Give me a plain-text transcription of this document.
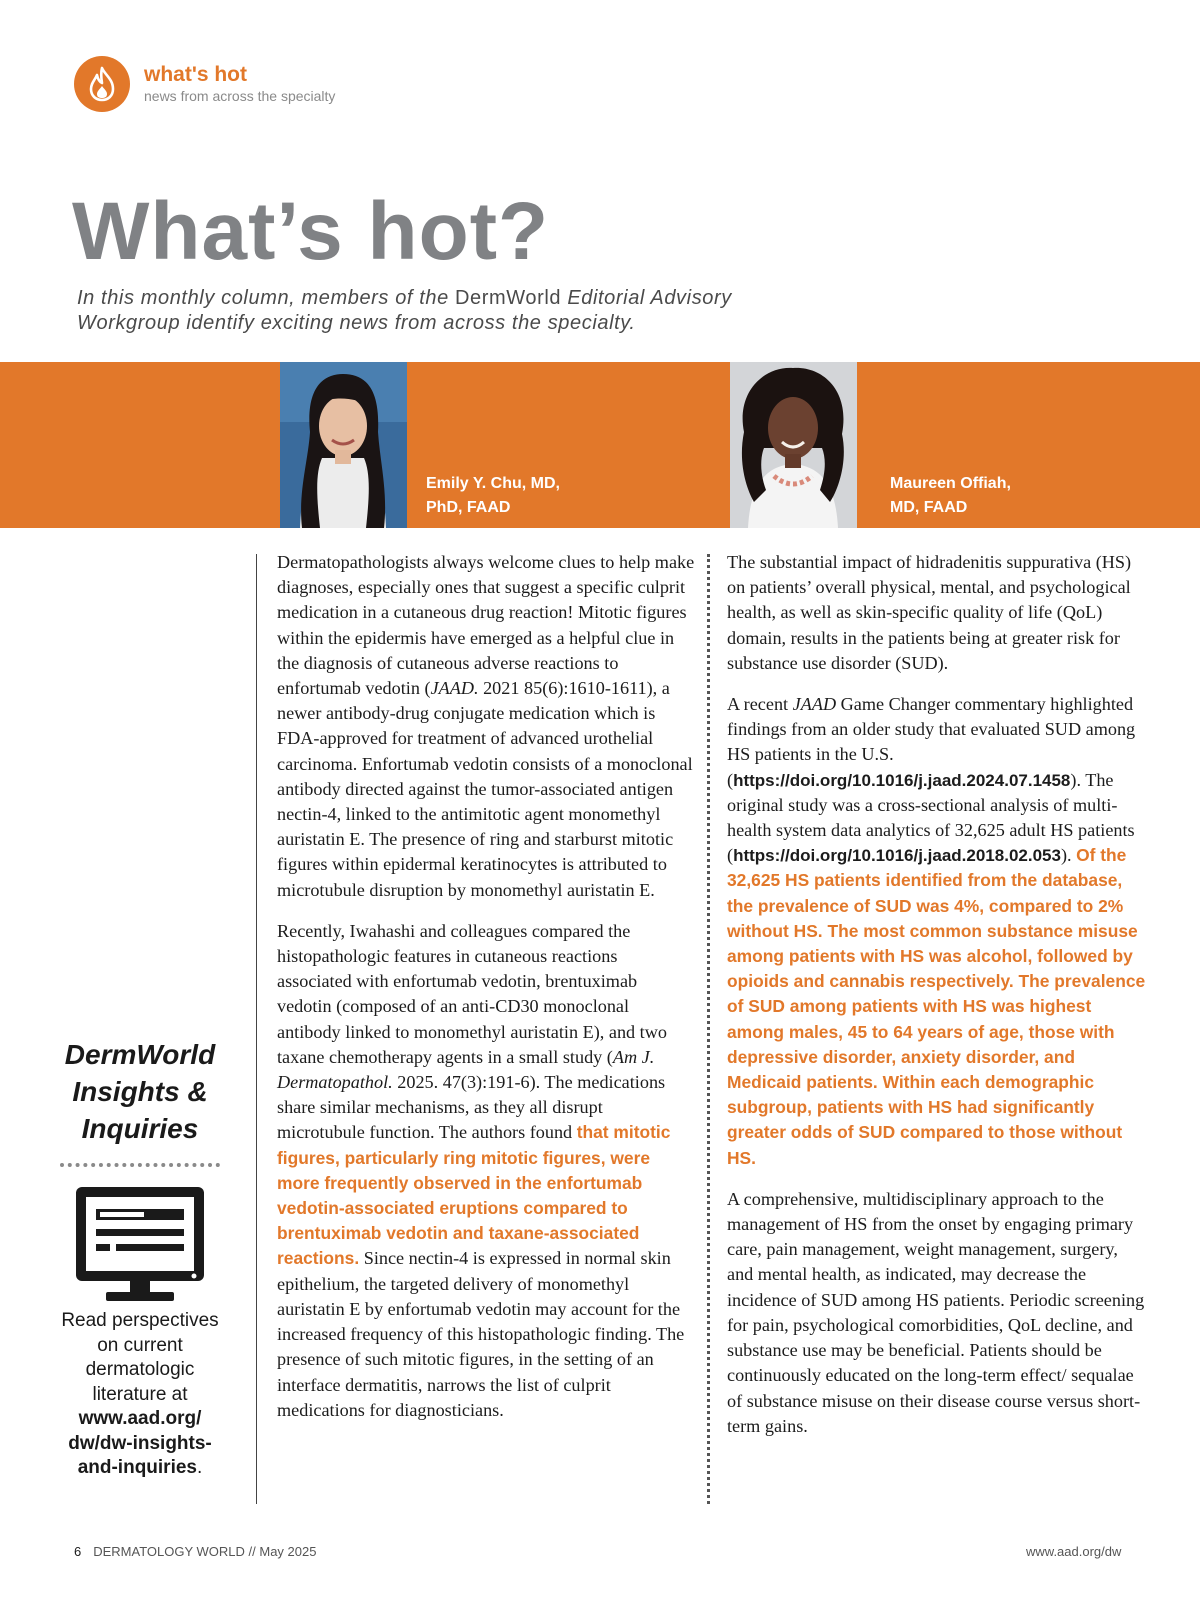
what's hot
news from across the specialty
What’s hot?
In this monthly column, members of the DermWorld Editorial Advisory Workgroup identify exciting news from across the specialty.
Emily Y. Chu, MD,
PhD, FAAD
Maureen Offiah,
MD, FAAD
DermWorld
Insights &
Inquiries
Read perspectives on current dermatologic literature at www.aad.org/ dw/dw-insights-and-inquiries.

Dermatopathologists always welcome clues to help make diagnoses, especially ones that suggest a specific culprit medication in a cutaneous drug reaction! Mitotic figures within the epidermis have emerged as a helpful clue in the diagnosis of cutaneous adverse reactions to enfortumab vedotin (JAAD. 2021 85(6):1610-1611), a newer antibody-drug conjugate medication which is FDA-approved for treatment of advanced urothelial carcinoma. Enfortumab vedotin consists of a monoclonal antibody directed against the tumor-associated antigen nectin-4, linked to the antimitotic agent monomethyl auristatin E. The presence of ring and starburst mitotic figures within epidermal keratinocytes is attributed to microtubule disruption by monomethyl auristatin E.

Recently, Iwahashi and colleagues compared the histopathologic features in cutaneous reactions associated with enfortumab vedotin, brentuximab vedotin (composed of an anti-CD30 monoclonal antibody linked to monomethyl auristatin E), and two taxane chemotherapy agents in a small study (Am J. Dermatopathol. 2025. 47(3):191-6). The medications share similar mechanisms, as they all disrupt microtubule function. The authors found that mitotic figures, particularly ring mitotic figures, were more frequently observed in the enfortumab vedotin-associated eruptions compared to brentuximab vedotin and taxane-associated reactions. Since nectin-4 is expressed in normal skin epithelium, the targeted delivery of monomethyl auristatin E by enfortumab vedotin may account for the increased frequency of this histopathologic finding. The presence of such mitotic figures, in the setting of an interface dermatitis, narrows the list of culprit medications for diagnosticians.

The substantial impact of hidradenitis suppurativa (HS) on patients’ overall physical, mental, and psychological health, as well as skin-specific quality of life (QoL) domain, results in the patients being at greater risk for substance use disorder (SUD).

A recent JAAD Game Changer commentary highlighted findings from an older study that evaluated SUD among HS patients in the U.S. (https://doi.org/10.1016/j.jaad.2024.07.1458). The original study was a cross-sectional analysis of multi-health system data analytics of 32,625 adult HS patients (https://doi.org/10.1016/j.jaad.2018.02.053). Of the 32,625 HS patients identified from the database, the prevalence of SUD was 4%, compared to 2% without HS. The most common substance misuse among patients with HS was alcohol, followed by opioids and cannabis respectively. The prevalence of SUD among patients with HS was highest among males, 45 to 64 years of age, those with depressive disorder, anxiety disorder, and Medicaid patients. Within each demographic subgroup, patients with HS had significantly greater odds of SUD compared to those without HS.

A comprehensive, multidisciplinary approach to the management of HS from the onset by engaging primary care, pain management, weight management, surgery, and mental health, as indicated, may decrease the incidence of SUD among HS patients. Periodic screening for pain, psychological comorbidities, QoL decline, and substance use may be beneficial. Patients should be continuously educated on the long-term effect/ sequalae of substance misuse on their disease course versus short-term gains.

6 DERMATOLOGY WORLD // May 2025	www.aad.org/dw
